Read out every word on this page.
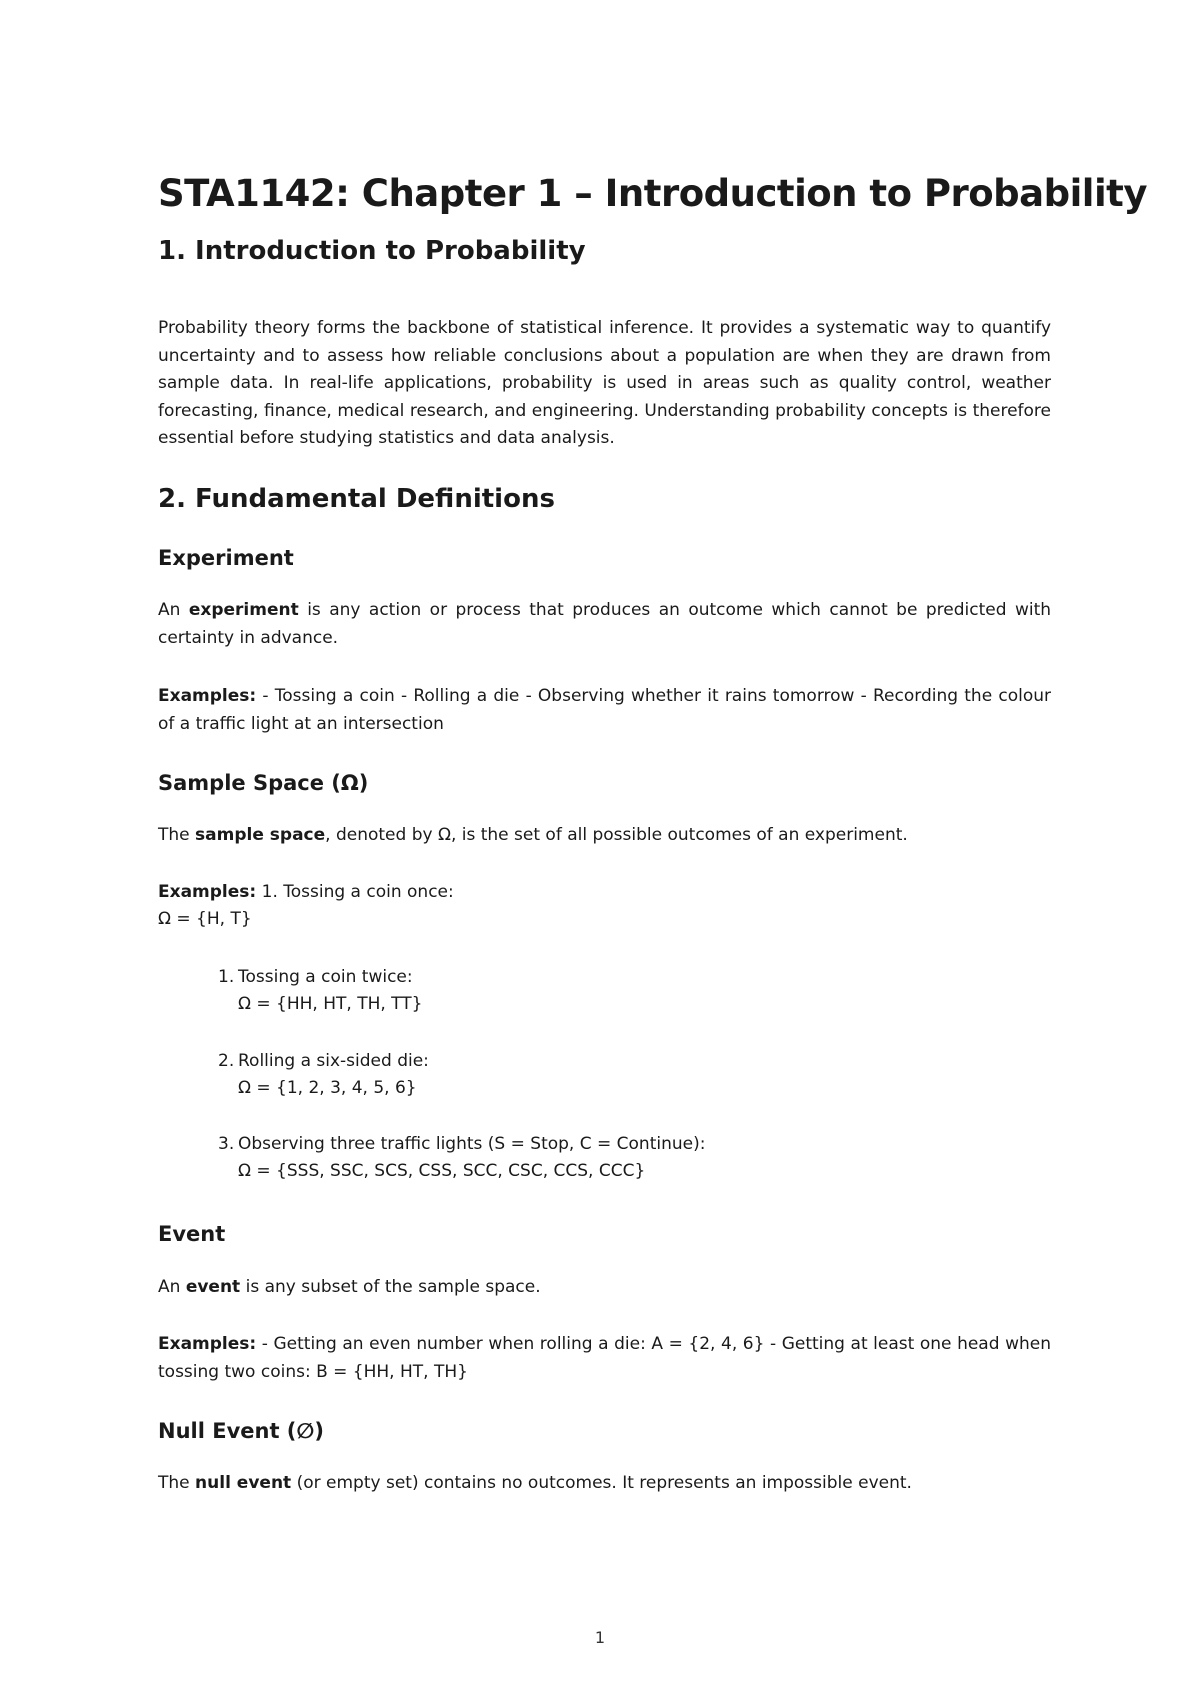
STA1142: Chapter 1 – Introduction to Probability
1. Introduction to Probability

Probability theory forms the backbone of statistical inference. It provides a systematic way to quantify uncertainty and to assess how reliable conclusions about a population are when they are drawn from sample data. In real-life applications, probability is used in areas such as quality control, weather forecasting, finance, medical research, and engineering. Understanding probability concepts is therefore essential before studying statistics and data analysis.

2. Fundamental Definitions
Experiment

An experiment is any action or process that produces an outcome which cannot be predicted with certainty in advance.

Examples: - Tossing a coin - Rolling a die - Observing whether it rains tomorrow - Recording the colour of a traffic light at an intersection

Sample Space (Ω)

The sample space, denoted by Ω, is the set of all possible outcomes of an experiment.

Examples: 1. Tossing a coin once:

Ω = {H, T}

1. Tossing a coin twice:
Ω = {HH, HT, TH, TT}
2. Rolling a six-sided die:
Ω = {1, 2, 3, 4, 5, 6}
3. Observing three traffic lights (S = Stop, C = Continue):
Ω = {SSS, SSC, SCS, CSS, SCC, CSC, CCS, CCC}
Event

An event is any subset of the sample space.

Examples: - Getting an even number when rolling a die: A = {2, 4, 6} - Getting at least one head when tossing two coins: B = {HH, HT, TH}

Null Event (∅)

The null event (or empty set) contains no outcomes. It represents an impossible event.

1
